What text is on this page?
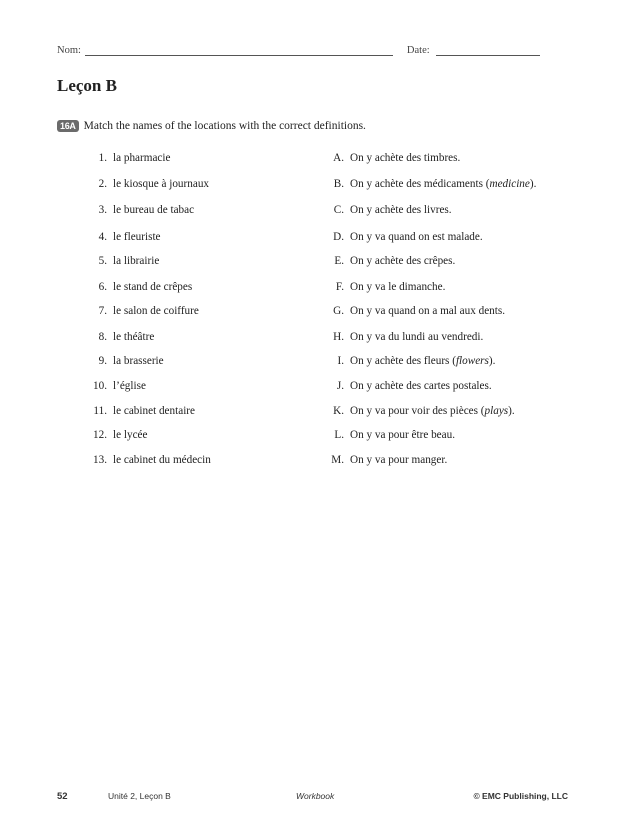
Nom:	Date:
Leçon B
16A Match the names of the locations with the correct definitions.
1. la pharmacie	A. On y achète des timbres.
2. le kiosque à journaux	B. On y achète des médicaments (medicine).
3. le bureau de tabac	C. On y achète des livres.
4. le fleuriste	D. On y va quand on est malade.
5. la librairie	E. On y achète des crêpes.
6. le stand de crêpes	F. On y va le dimanche.
7. le salon de coiffure	G. On y va quand on a mal aux dents.
8. le théâtre	H. On y va du lundi au vendredi.
9. la brasserie	I. On y achète des fleurs (flowers).
10. l’église	J. On y achète des cartes postales.
11. le cabinet dentaire	K. On y va pour voir des pièces (plays).
12. le lycée	L. On y va pour être beau.
13. le cabinet du médecin	M. On y va pour manger.
52	Unité 2, Leçon B	Workbook	© EMC Publishing, LLC
